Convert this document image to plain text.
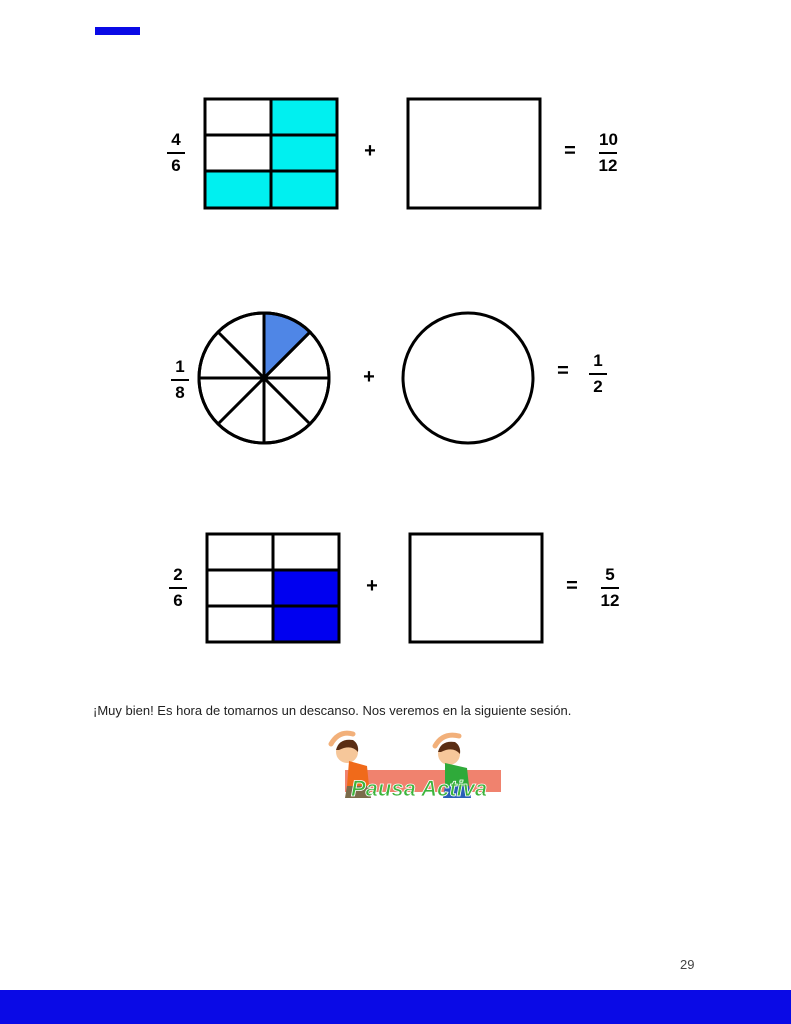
$\frac{4}{6}$	+	= $\frac{10}{12}$
$\frac{1}{8}$	+	= $\frac{1}{2}$
$\frac{2}{6}$	+	= $\frac{5}{12}$
¡Muy bien! Es hora de tomarnos un descanso. Nos veremos en la siguiente sesión.
Pausa Activa
29
